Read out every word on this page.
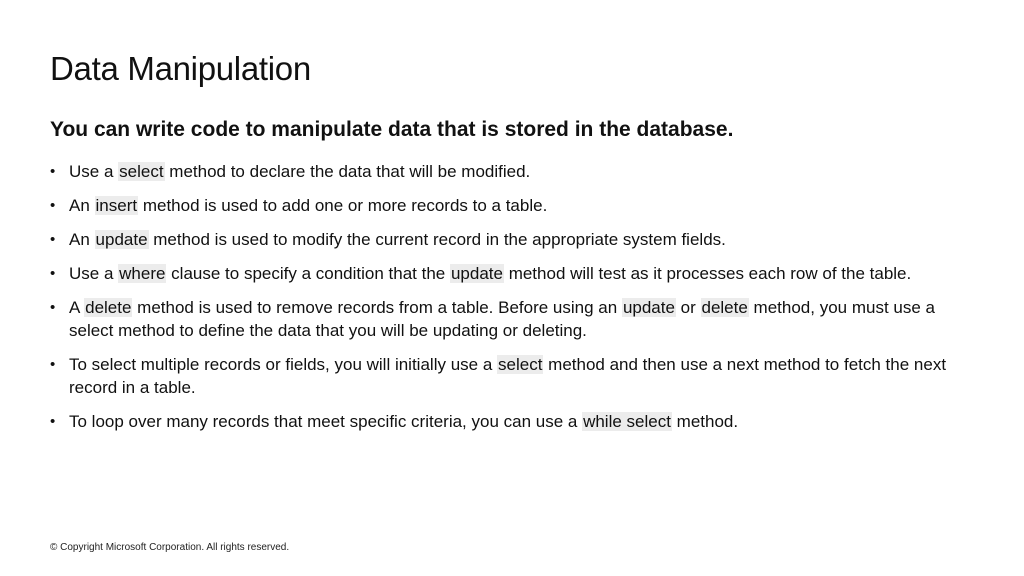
Data Manipulation
You can write code to manipulate data that is stored in the database.
• Use a select method to declare the data that will be modified.
• An insert method is used to add one or more records to a table.
• An update method is used to modify the current record in the appropriate system fields.
• Use a where clause to specify a condition that the update method will test as it processes each row of the table.
• A delete method is used to remove records from a table. Before using an update or delete method, you must use a select method to define the data that you will be updating or deleting.
• To select multiple records or fields, you will initially use a select method and then use a next method to fetch the next record in a table.
• To loop over many records that meet specific criteria, you can use a while select method.
© Copyright Microsoft Corporation. All rights reserved.
